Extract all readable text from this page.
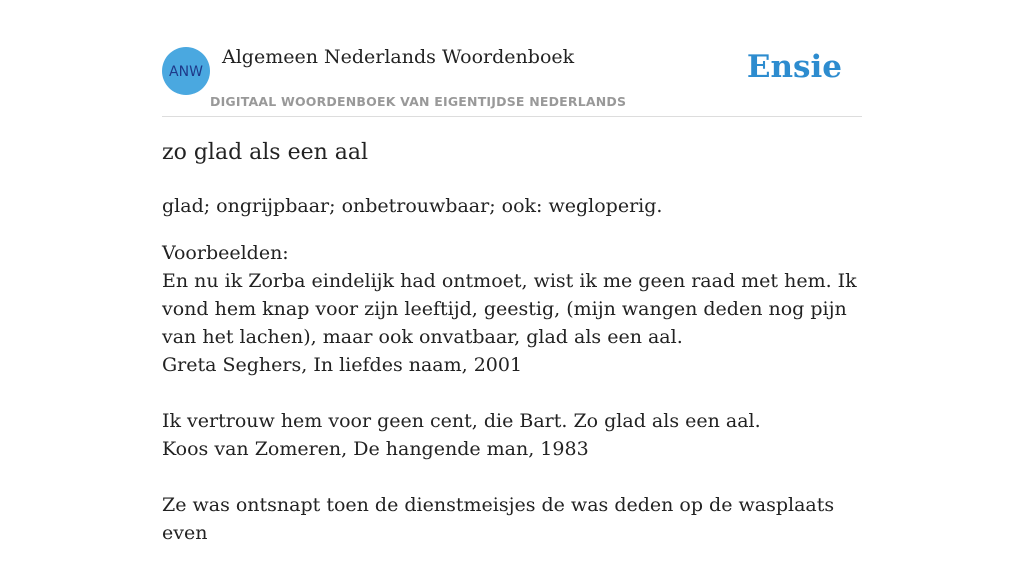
ANW
Algemeen Nederlands Woordenboek
DIGITAAL WOORDENBOEK VAN EIGENTIJDSE NEDERLANDS
Ensie
zo glad als een aal

glad; ongrijpbaar; onbetrouwbaar; ook: wegloperig.

Voorbeelden:

En nu ik Zorba eindelijk had ontmoet, wist ik me geen raad met hem. Ik vond hem knap voor zijn leeftijd, geestig, (mijn wangen deden nog pijn van het lachen), maar ook onvatbaar, glad als een aal.

Greta Seghers, In liefdes naam, 2001

Ik vertrouw hem voor geen cent, die Bart. Zo glad als een aal.

Koos van Zomeren, De hangende man, 1983

Ze was ontsnapt toen de dienstmeisjes de was deden op de wasplaats even
